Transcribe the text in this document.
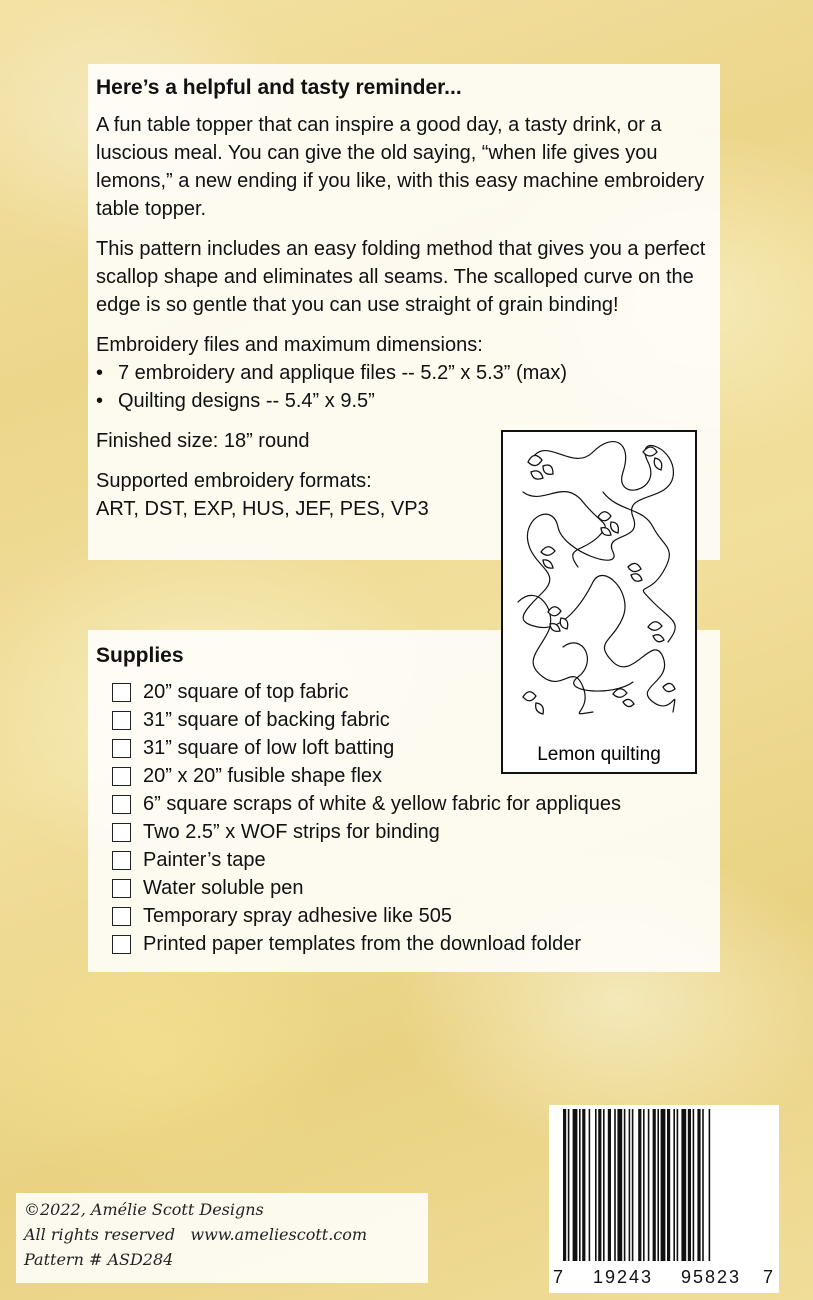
Here’s a helpful and tasty reminder...

A fun table topper that can inspire a good day, a tasty drink, or a luscious meal. You can give the old saying, “when life gives you lemons,” a new ending if you like, with this easy machine embroidery table topper.

This pattern includes an easy folding method that gives you a perfect scallop shape and eliminates all seams. The scalloped curve on the edge is so gentle that you can use straight of grain binding!

Embroidery files and maximum dimensions:

• 7 embroidery and applique files -- 5.2” x 5.3” (max)
• Quilting designs -- 5.4” x 9.5”

Finished size: 18” round

Supported embroidery formats:

ART, DST, EXP, HUS, JEF, PES, VP3

Supplies
20” square of top fabric
31” square of backing fabric
31” square of low loft batting
20” x 20” fusible shape flex
6” square scraps of white & yellow fabric for appliques
Two 2.5” x WOF strips for binding
Painter’s tape
Water soluble pen
Temporary spray adhesive like 505
Printed paper templates from the download folder
Lemon quilting
7 19243 95823 7
©2022, Amélie Scott Designs
All rights reserved   www.ameliescott.com
Pattern # ASD284
